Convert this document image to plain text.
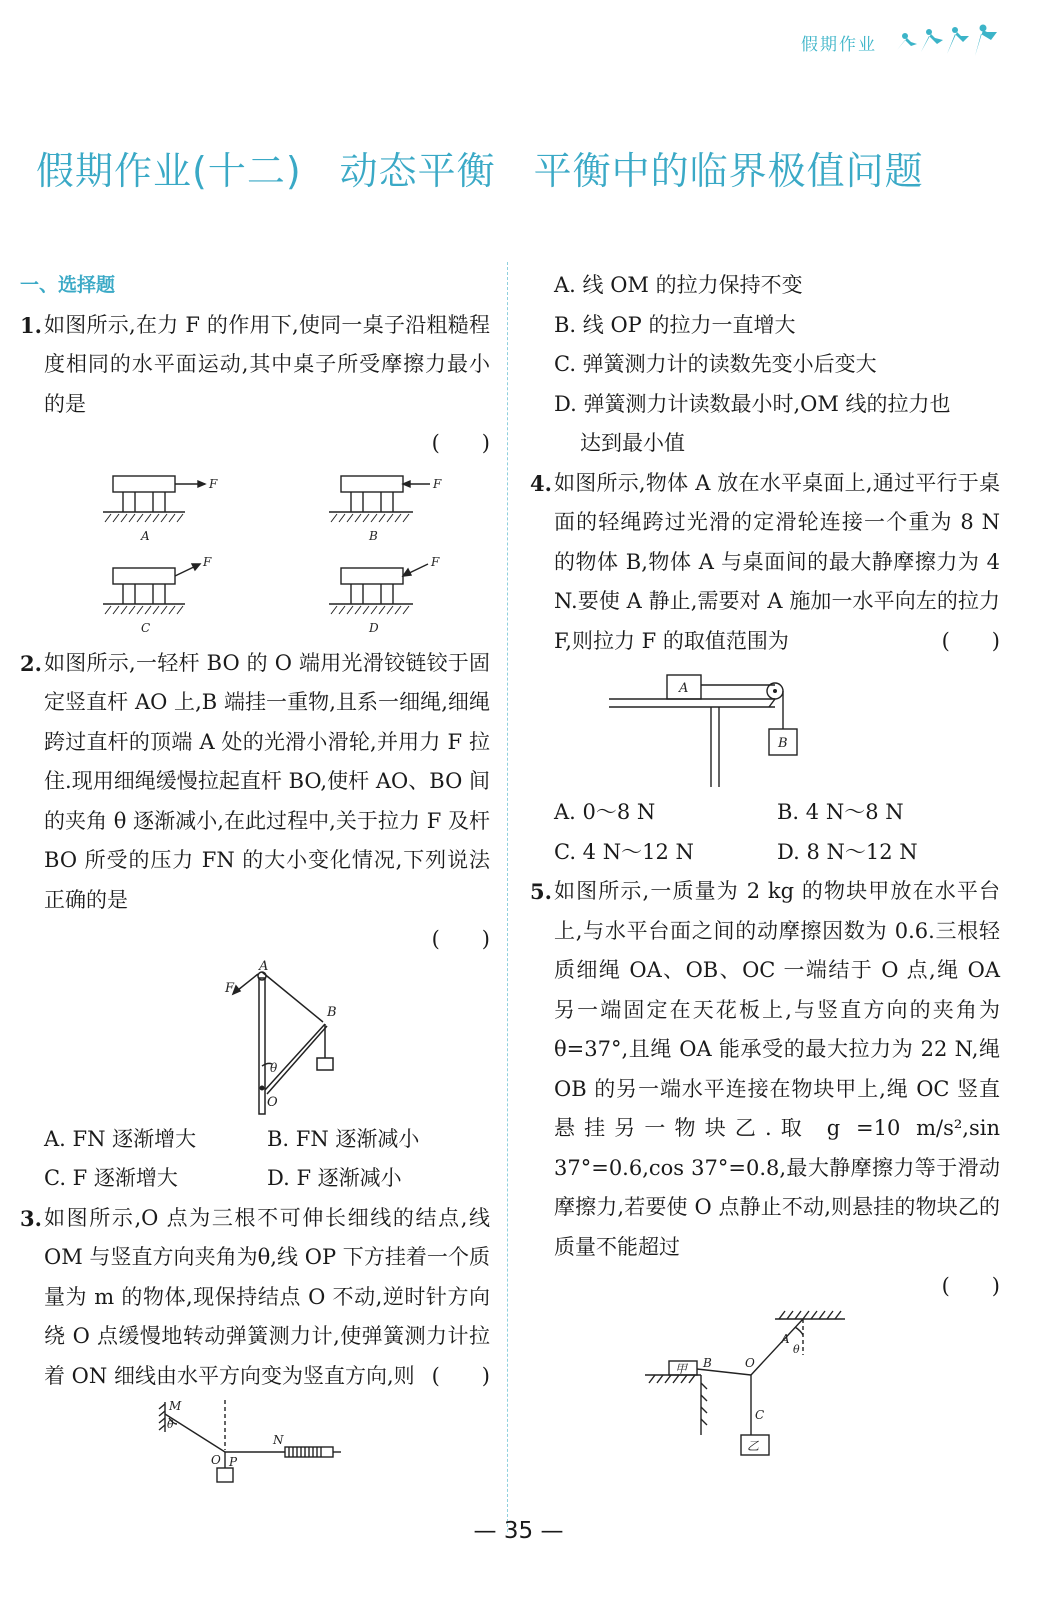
假期作业
假期作业(十二) 动态平衡 平衡中的临界极值问题
一、选择题
1. 如图所示,在力 F 的作用下,使同一桌子沿粗糙程度相同的水平面运动,其中桌子所受摩擦力最小的是
(　　)
F	F
F	F
A	B
C	D
2. 如图所示,一轻杆 BO 的 O 端用光滑铰链铰于固定竖直杆 AO 上,B 端挂一重物,且系一细绳,细绳跨过直杆的顶端 A 处的光滑小滑轮,并用力 F 拉住.现用细绳缓慢拉起直杆 BO,使杆 AO、BO 间的夹角 θ 逐渐减小,在此过程中,关于拉力 F 及杆 BO 所受的压力 FN 的大小变化情况,下列说法正确的是
(　　)
A
B
F
O
θ
A. FN 逐渐增大	B. FN 逐渐减小
C. F 逐渐增大	D. F 逐渐减小
3. 如图所示,O 点为三根不可伸长细线的结点,线 OM 与竖直方向夹角为θ,线 OP 下方挂着一个质量为 m 的物体,现保持结点 O 不动,逆时针方向绕 O 点缓慢地转动弹簧测力计,使弹簧测力计拉着 ON 细线由水平方向变为竖直方向,则 (　　)
M
θ
O P
N
A. 线 OM 的拉力保持不变
B. 线 OP 的拉力一直增大
C. 弹簧测力计的读数先变小后变大
D. 弹簧测力计读数最小时,OM 线的拉力也
达到最小值
4. 如图所示,物体 A 放在水平桌面上,通过平行于桌面的轻绳跨过光滑的定滑轮连接一个重为 8 N 的物体 B,物体 A 与桌面间的最大静摩擦力为 4 N.要使 A 静止,需要对 A 施加一水平向左的拉力 F,则拉力 F 的取值范围为	(　　)
A
B
A. 0～8 N	B. 4 N～8 N
C. 4 N～12 N	D. 8 N～12 N
5. 如图所示,一质量为 2 kg 的物块甲放在水平台上,与水平台面之间的动摩擦因数为 0.6.三根轻质细绳 OA、OB、OC 一端结于 O 点,绳 OA 另一端固定在天花板上,与竖直方向的夹角为 θ=37°,且绳 OA 能承受的最大拉力为 22 N,绳 OB 的另一端水平连接在物块甲上,绳 OC 竖直悬挂另一物块乙.取 g =10 m/s²,sin 37°=0.6,cos 37°=0.8,最大静摩擦力等于滑动摩擦力,若要使 O 点静止不动,则悬挂的物块乙的质量不能超过
(　　)
A
θ
甲 B	O
C
乙
— 35 —
